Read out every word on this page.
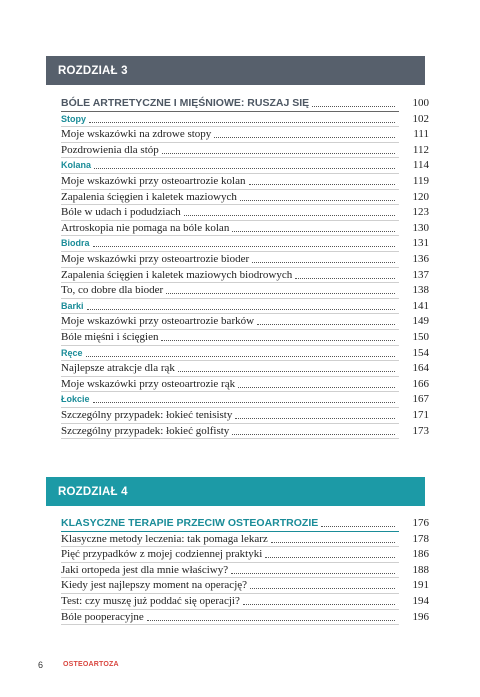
ROZDZIAŁ 3
BÓLE ARTRETYCZNE I MIĘŚNIOWE: RUSZAJ SIĘ	100
Stopy	102
Moje wskazówki na zdrowe stopy	111
Pozdrowienia dla stóp	112
Kolana	114
Moje wskazówki przy osteoartrozie kolan	119
Zapalenia ścięgien i kaletek maziowych	120
Bóle w udach i podudziach	123
Artroskopia nie pomaga na bóle kolan	130
Biodra	131
Moje wskazówki przy osteoartrozie bioder	136
Zapalenia ścięgien i kaletek maziowych biodrowych	137
To, co dobre dla bioder	138
Barki	141
Moje wskazówki przy osteoartrozie barków	149
Bóle mięśni i ścięgien	150
Ręce	154
Najlepsze atrakcje dla rąk	164
Moje wskazówki przy osteoartrozie rąk	166
Łokcie	167
Szczególny przypadek: łokieć tenisisty	171
Szczególny przypadek: łokieć golfisty	173
ROZDZIAŁ 4
KLASYCZNE TERAPIE PRZECIW OSTEOARTROZIE	176
Klasyczne metody leczenia: tak pomaga lekarz	178
Pięć przypadków z mojej codziennej praktyki	186
Jaki ortopeda jest dla mnie właściwy?	188
Kiedy jest najlepszy moment na operację?	191
Test: czy muszę już poddać się operacji?	194
Bóle pooperacyjne	196
6	OSTEOARTOZA
